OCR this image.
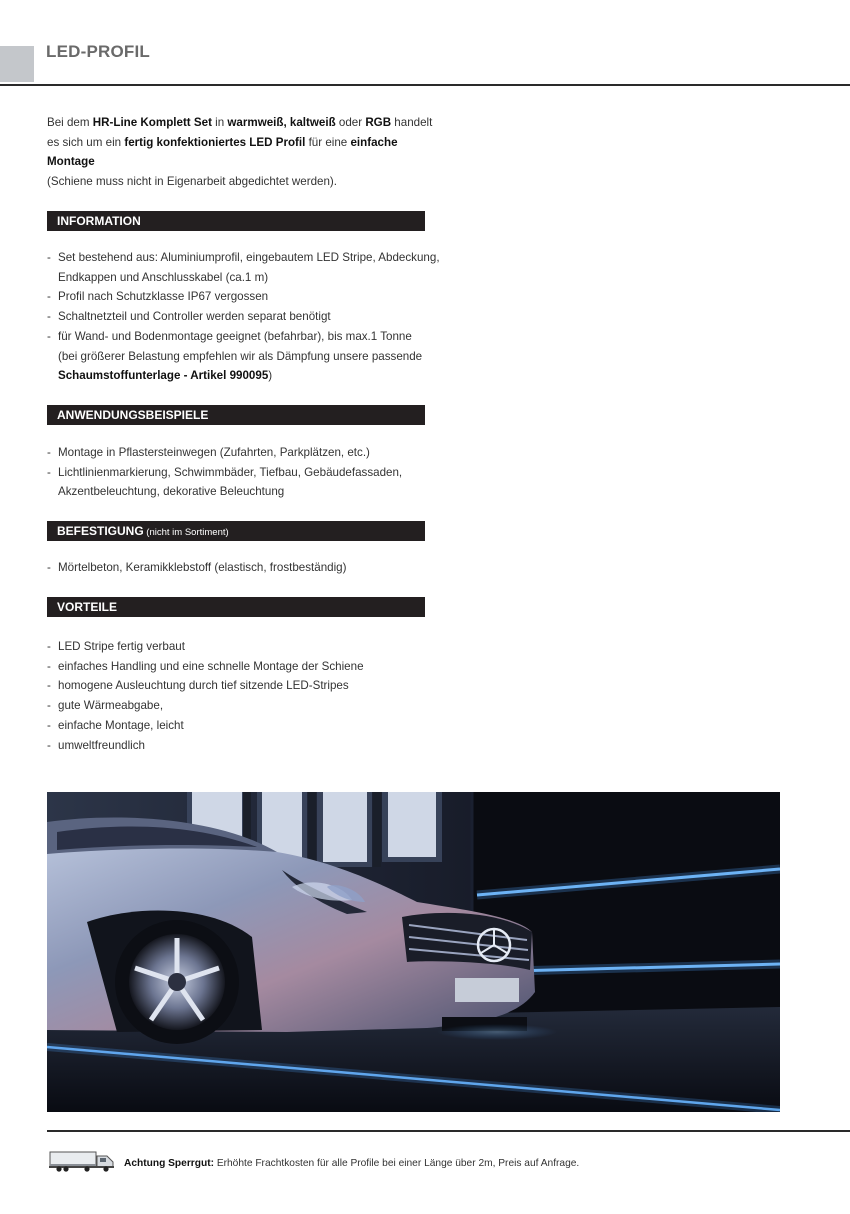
LED-PROFIL

Bei dem HR-Line Komplett Set in warmweiß, kaltweiß oder RGB handelt es sich um ein fertig konfektioniertes LED Profil für eine einfache Montage
(Schiene muss nicht in Eigenarbeit abgedichtet werden).

INFORMATION
- Set bestehend aus: Aluminiumprofil, eingebautem LED Stripe, Abdeckung,
Endkappen und Anschlusskabel (ca.1 m)
- Profil nach Schutzklasse IP67 vergossen
- Schaltnetzteil und Controller werden separat benötigt
- für Wand- und Bodenmontage geeignet (befahrbar), bis max.1 Tonne
(bei größerer Belastung empfehlen wir als Dämpfung unsere passende
Schaumstoffunterlage - Artikel 990095)
ANWENDUNGSBEISPIELE
- Montage in Pflastersteinwegen (Zufahrten, Parkplätzen, etc.)
- Lichtlinienmarkierung, Schwimmbäder, Tiefbau, Gebäudefassaden,
Akzentbeleuchtung, dekorative Beleuchtung
BEFESTIGUNG (nicht im Sortiment)
- Mörtelbeton, Keramikklebstoff (elastisch, frostbeständig)
VORTEILE
- LED Stripe fertig verbaut
- einfaches Handling und eine schnelle Montage der Schiene
- homogene Ausleuchtung durch tief sitzende LED-Stripes
- gute Wärmeabgabe,
- einfache Montage, leicht
- umweltfreundlich
Achtung Sperrgut: Erhöhte Frachtkosten für alle Profile bei einer Länge über 2m, Preis auf Anfrage.
